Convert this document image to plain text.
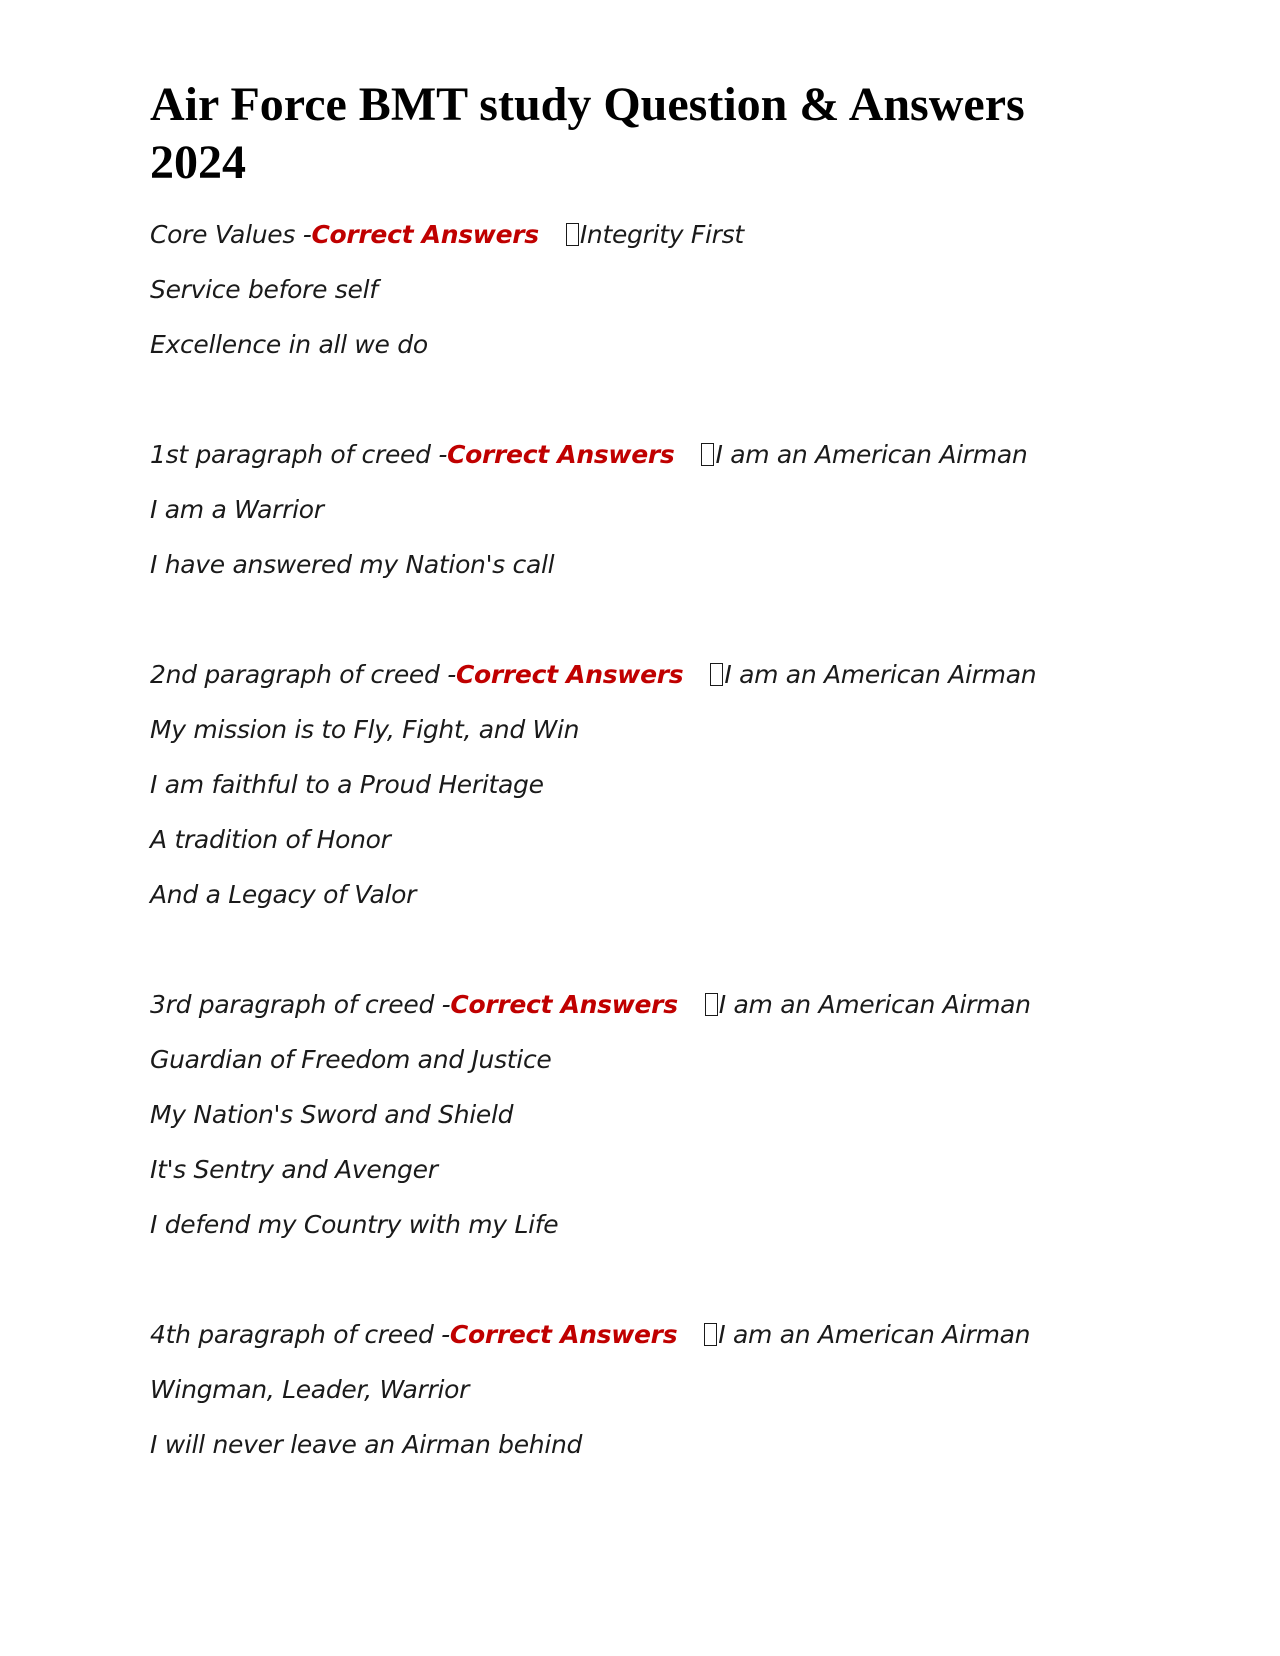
Air Force BMT study Question & Answers 2024

Core Values -Correct Answers Integrity First

Service before self

Excellence in all we do

1st paragraph of creed -Correct Answers I am an American Airman

I am a Warrior

I have answered my Nation's call

2nd paragraph of creed -Correct Answers I am an American Airman

My mission is to Fly, Fight, and Win

I am faithful to a Proud Heritage

A tradition of Honor

And a Legacy of Valor

3rd paragraph of creed -Correct Answers I am an American Airman

Guardian of Freedom and Justice

My Nation's Sword and Shield

It's Sentry and Avenger

I defend my Country with my Life

4th paragraph of creed -Correct Answers I am an American Airman

Wingman, Leader, Warrior

I will never leave an Airman behind
